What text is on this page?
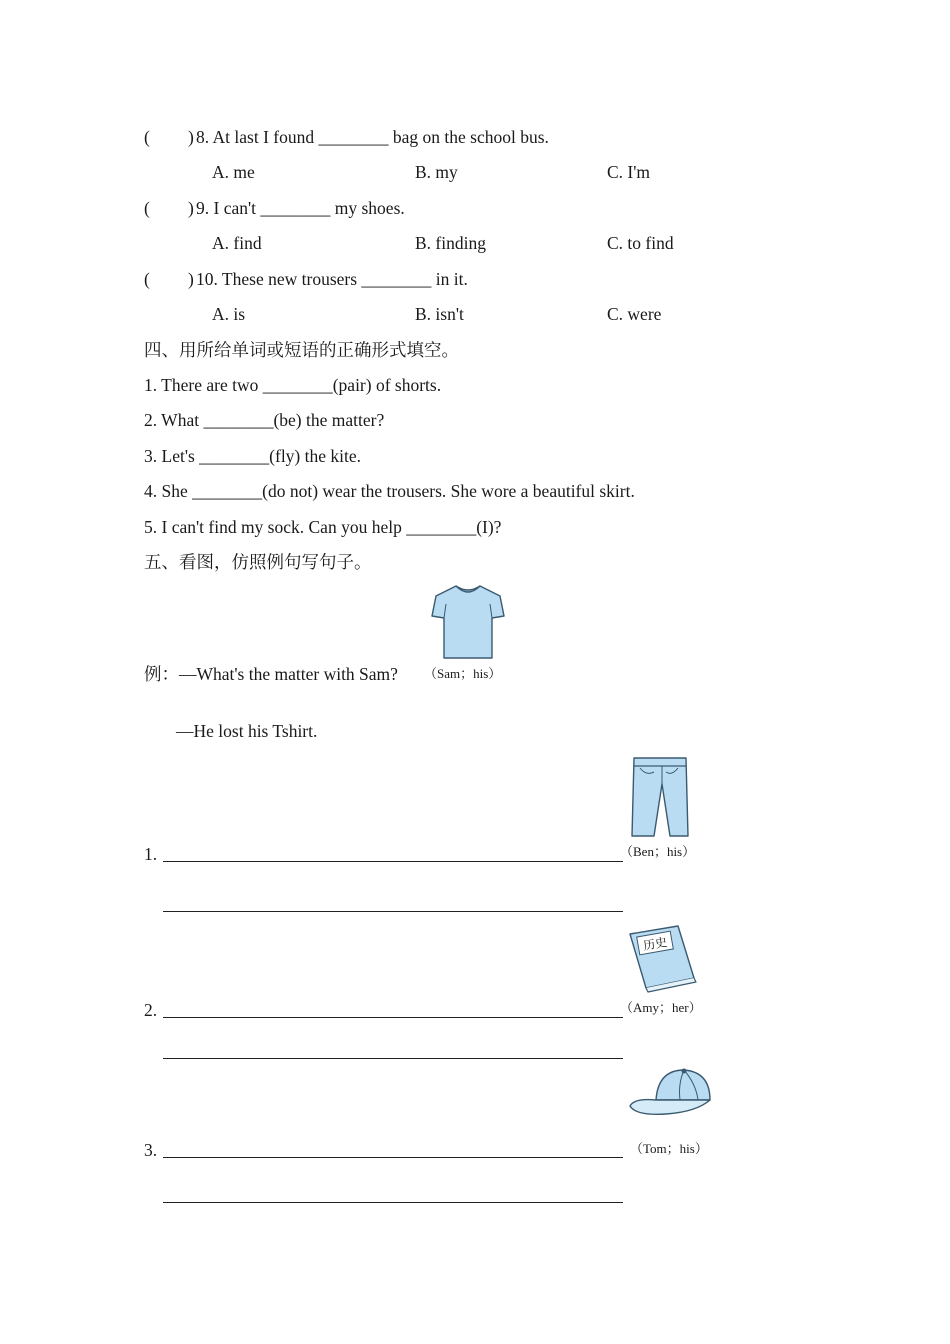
( ) 8. At last I found ________ bag on the school bus.
A. me	B. my	C. I'm
( ) 9. I can't ________ my shoes.
A. find	B. finding	C. to find
( ) 10. These new trousers ________ in it.
A. is	B. isn't	C. were
四、用所给单词或短语的正确形式填空。
1. There are two ________(pair) of shorts.
2. What ________(be) the matter?
3. Let's ________(fly) the kite.
4. She ________(do not) wear the trousers. She wore a beautiful skirt.
5. I can't find my sock. Can you help ________(I)?
五、看图，仿照例句写句子。
例：—What's the matter with Sam? （Sam；his）
—He lost his Tshirt.
1.	（Ben；his）
历史
2.	（Amy；her）
3.	（Tom；his）
